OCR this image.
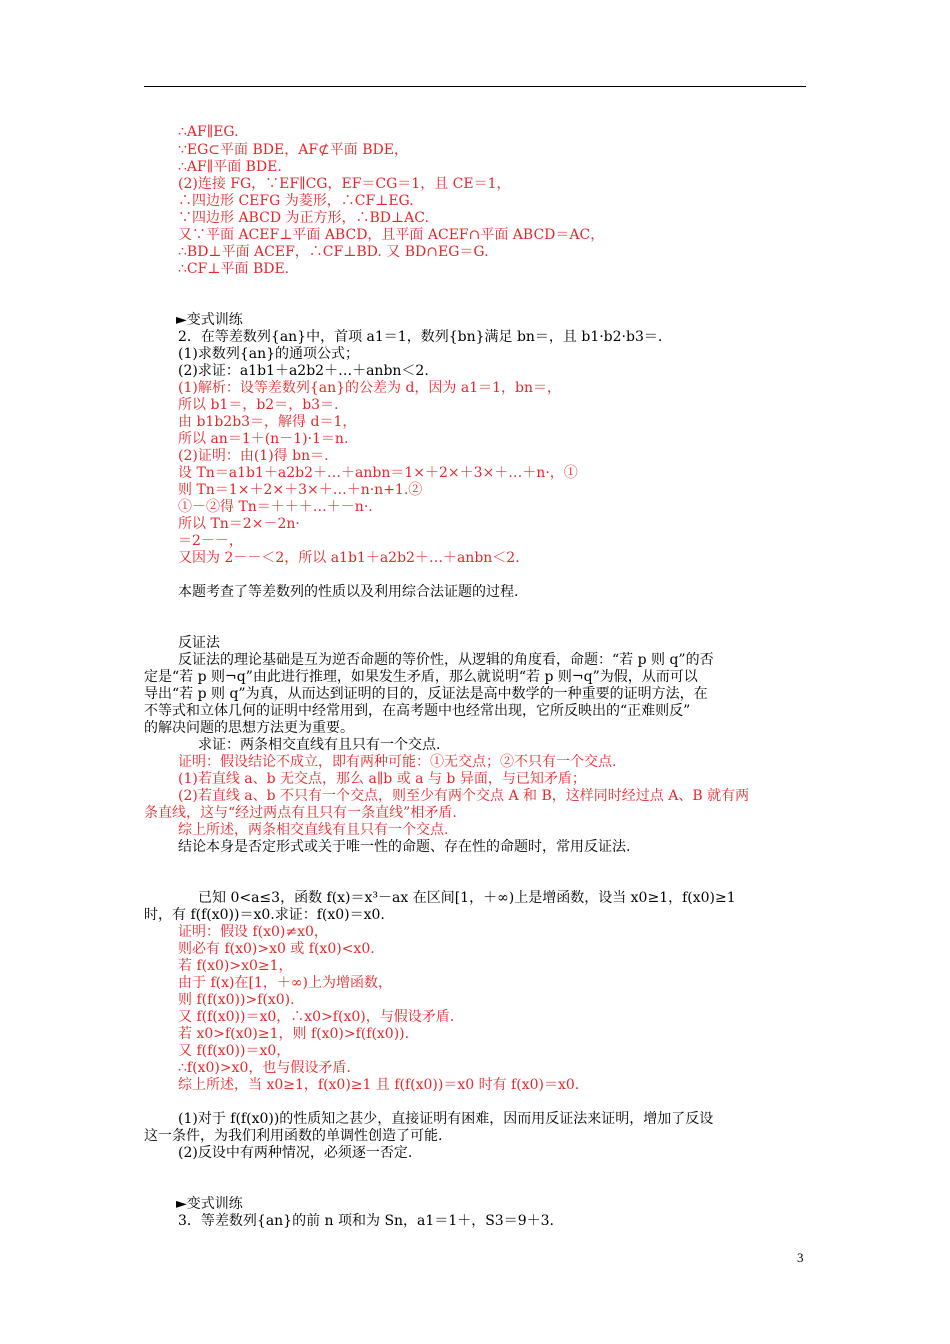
∴AF∥EG.
∵EG⊂平面 BDE，AF⊄平面 BDE，
∴AF∥平面 BDE.
(2)连接 FG，∵EF∥CG，EF＝CG＝1，且 CE＝1，
∴四边形 CEFG 为菱形，∴CF⊥EG.
∵四边形 ABCD 为正方形，∴BD⊥AC.
又∵平面 ACEF⊥平面 ABCD，且平面 ACEF∩平面 ABCD＝AC，
∴BD⊥平面 ACEF，∴CF⊥BD. 又 BD∩EG＝G.
∴CF⊥平面 BDE.
►变式训练
2．在等差数列{an}中，首项 a1＝1，数列{bn}满足 bn＝，且 b1·b2·b3＝.
(1)求数列{an}的通项公式；
(2)求证：a1b1＋a2b2＋…＋anbn＜2.
(1)解析：设等差数列{an}的公差为 d，因为 a1＝1，bn＝，
所以 b1＝，b2＝，b3＝.
由 b1b2b3＝，解得 d＝1，
所以 an＝1＋(n－1)·1＝n.
(2)证明：由(1)得 bn＝.
设 Tn＝a1b1＋a2b2＋…＋anbn＝1×＋2×＋3×＋…＋n·，①
则 Tn＝1×＋2×＋3×＋…＋n·n+1.②
①－②得 Tn＝＋＋＋…＋－n·.
所以 Tn＝2×－2n·
＝2－－，
又因为 2－－＜2，所以 a1b1＋a2b2＋…＋anbn＜2.
本题考查了等差数列的性质以及利用综合法证题的过程.
反证法
反证法的理论基础是互为逆否命题的等价性，从逻辑的角度看，命题：“若 p 则 q”的否
定是“若 p 则¬q”由此进行推理，如果发生矛盾，那么就说明“若 p 则¬q”为假，从而可以
导出“若 p 则 q”为真，从而达到证明的目的，反证法是高中数学的一种重要的证明方法，在
不等式和立体几何的证明中经常用到，在高考题中也经常出现，它所反映出的“正难则反”
的解决问题的思想方法更为重要。
求证：两条相交直线有且只有一个交点.
证明：假设结论不成立，即有两种可能：①无交点；②不只有一个交点.
(1)若直线 a、b 无交点，那么 a∥b 或 a 与 b 异面，与已知矛盾；
(2)若直线 a、b 不只有一个交点，则至少有两个交点 A 和 B，这样同时经过点 A、B 就有两
条直线，这与“经过两点有且只有一条直线”相矛盾.
综上所述，两条相交直线有且只有一个交点.
结论本身是否定形式或关于唯一性的命题、存在性的命题时，常用反证法.
已知 0<a≤3，函数 f(x)＝x³－ax 在区间[1，＋∞)上是增函数，设当 x0≥1，f(x0)≥1
时，有 f(f(x0))＝x0.求证：f(x0)＝x0.
证明：假设 f(x0)≠x0，
则必有 f(x0)>x0 或 f(x0)<x0.
若 f(x0)>x0≥1，
由于 f(x)在[1，＋∞)上为增函数，
则 f(f(x0))>f(x0).
又 f(f(x0))＝x0，∴x0>f(x0)，与假设矛盾.
若 x0>f(x0)≥1，则 f(x0)>f(f(x0)).
又 f(f(x0))＝x0，
∴f(x0)>x0，也与假设矛盾.
综上所述，当 x0≥1，f(x0)≥1 且 f(f(x0))＝x0 时有 f(x0)＝x0.
(1)对于 f(f(x0))的性质知之甚少，直接证明有困难，因而用反证法来证明，增加了反设
这一条件，为我们利用函数的单调性创造了可能.
(2)反设中有两种情况，必须逐一否定.
►变式训练
3．等差数列{an}的前 n 项和为 Sn，a1＝1＋，S3＝9＋3.
3
